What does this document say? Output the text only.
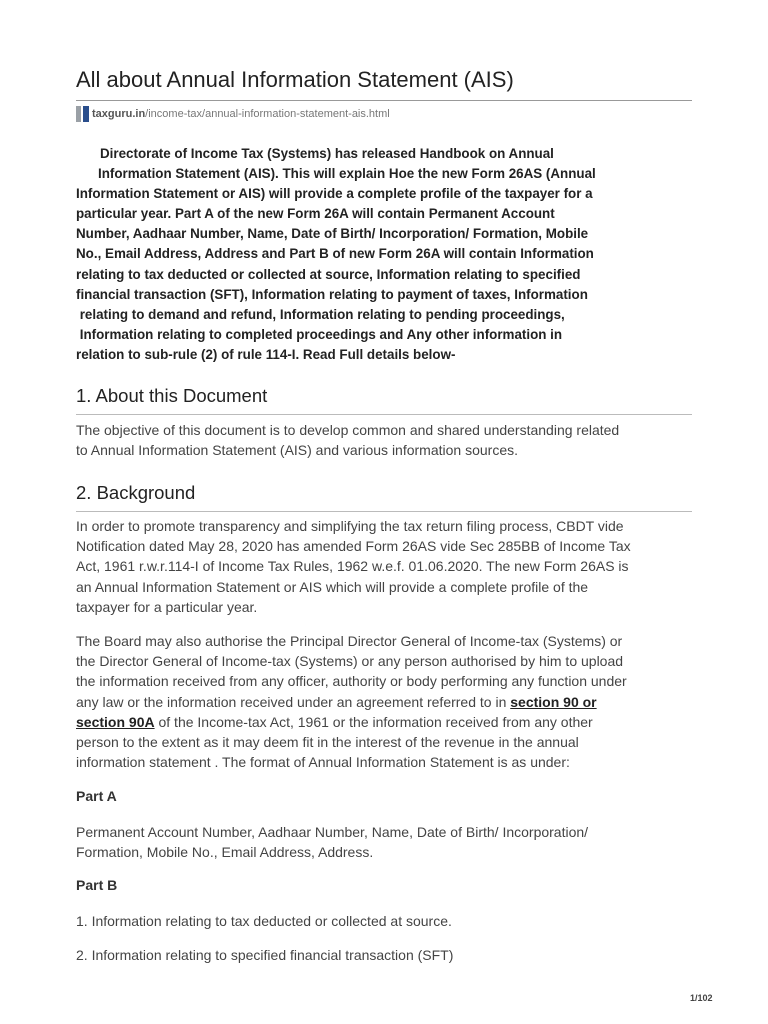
All about Annual Information Statement (AIS)
taxguru.in /income-tax/annual-information-statement-ais.html
Directorate of Income Tax (Systems) has released Handbook on Annual
Information Statement (AIS). This will explain Hoe the new Form 26AS (Annual
Information Statement or AIS) will provide a complete profile of the taxpayer for a
particular year. Part A of the new Form 26A will contain Permanent Account
Number, Aadhaar Number, Name, Date of Birth/ Incorporation/ Formation, Mobile
No., Email Address, Address and Part B of new Form 26A will contain Information
relating to tax deducted or collected at source, Information relating to specified
financial transaction (SFT), Information relating to payment of taxes, Information
relating to demand and refund, Information relating to pending proceedings,
Information relating to completed proceedings and Any other information in
relation to sub-rule (2) of rule 114-I. Read Full details below-
1. About this Document
The objective of this document is to develop common and shared understanding related
to Annual Information Statement (AIS) and various information sources.
2. Background
In order to promote transparency and simplifying the tax return filing process, CBDT vide
Notification dated May 28, 2020 has amended Form 26AS vide Sec 285BB of Income Tax
Act, 1961 r.w.r.114-I of Income Tax Rules, 1962 w.e.f. 01.06.2020. The new Form 26AS is
an Annual Information Statement or AIS which will provide a complete profile of the
taxpayer for a particular year.
The Board may also authorise the Principal Director General of Income-tax (Systems) or
the Director General of Income-tax (Systems) or any person authorised by him to upload
the information received from any officer, authority or body performing any function under
any law or the information received under an agreement referred to in section 90 or
section 90A of the Income-tax Act, 1961 or the information received from any other
person to the extent as it may deem fit in the interest of the revenue in the annual
information statement . The format of Annual Information Statement is as under:
Part A
Permanent Account Number, Aadhaar Number, Name, Date of Birth/ Incorporation/
Formation, Mobile No., Email Address, Address.
Part B
1. Information relating to tax deducted or collected at source.
2. Information relating to specified financial transaction (SFT)
1/102
